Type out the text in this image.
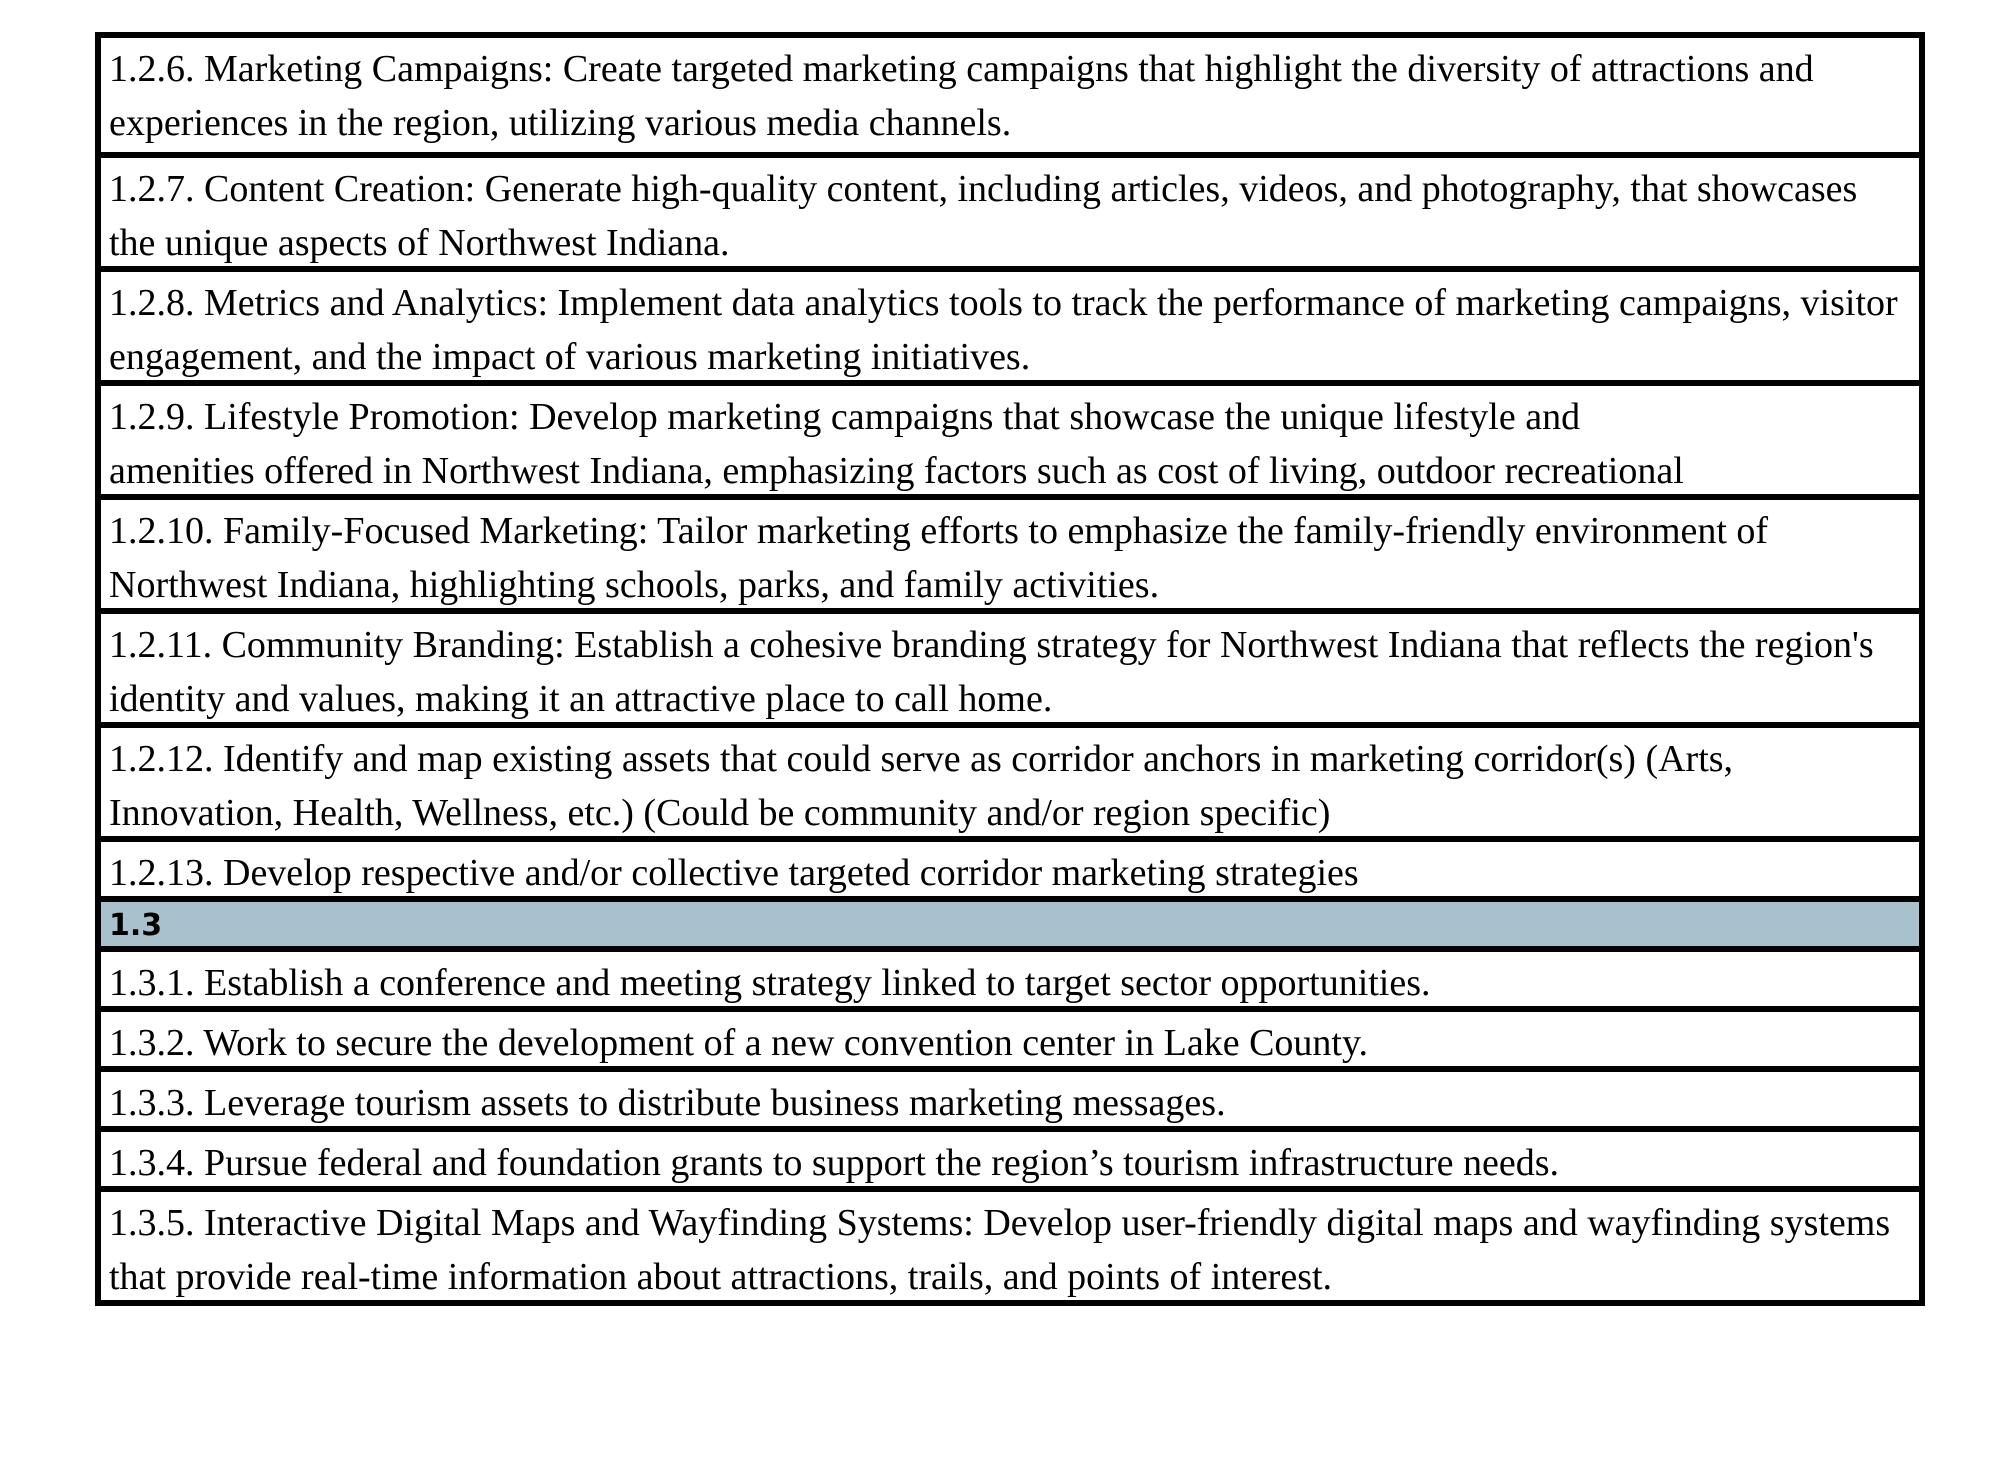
1.2.6. Marketing Campaigns: Create targeted marketing campaigns that highlight the diversity of attractions and experiences in the region, utilizing various media channels.
1.2.7. Content Creation: Generate high-quality content, including articles, videos, and photography, that showcases the unique aspects of Northwest Indiana.
1.2.8. Metrics and Analytics: Implement data analytics tools to track the performance of marketing campaigns, visitor engagement, and the impact of various marketing initiatives.
1.2.9. Lifestyle Promotion: Develop marketing campaigns that showcase the unique lifestyle and
amenities offered in Northwest Indiana, emphasizing factors such as cost of living, outdoor recreational
1.2.10. Family-Focused Marketing: Tailor marketing efforts to emphasize the family-friendly environment of Northwest Indiana, highlighting schools, parks, and family activities.
1.2.11. Community Branding: Establish a cohesive branding strategy for Northwest Indiana that reflects the region's identity and values, making it an attractive place to call home.
1.2.12. Identify and map existing assets that could serve as corridor anchors in marketing corridor(s) (Arts, Innovation, Health, Wellness, etc.) (Could be community and/or region specific)
1.2.13. Develop respective and/or collective targeted corridor marketing strategies
1.3
1.3.1. Establish a conference and meeting strategy linked to target sector opportunities.
1.3.2. Work to secure the development of a new convention center in Lake County.
1.3.3. Leverage tourism assets to distribute business marketing messages.
1.3.4. Pursue federal and foundation grants to support the region’s tourism infrastructure needs.
1.3.5. Interactive Digital Maps and Wayfinding Systems: Develop user-friendly digital maps and wayfinding systems that provide real-time information about attractions, trails, and points of interest.
